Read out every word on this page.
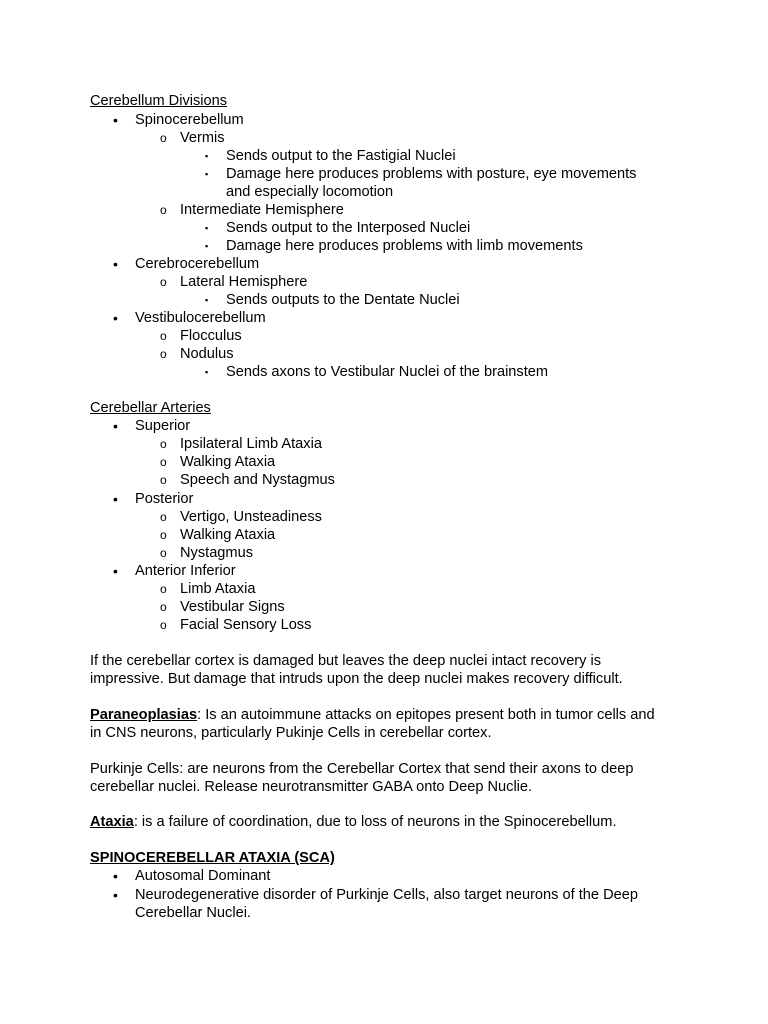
Cerebellum Divisions
• Spinocerebellum
o Vermis
▪ Sends output to the Fastigial Nuclei
▪ Damage here produces problems with posture, eye movements
and especially locomotion
o Intermediate Hemisphere
▪ Sends output to the Interposed Nuclei
▪ Damage here produces problems with limb movements
• Cerebrocerebellum
o Lateral Hemisphere
▪ Sends outputs to the Dentate Nuclei
• Vestibulocerebellum
o Flocculus
o Nodulus
▪ Sends axons to Vestibular Nuclei of the brainstem
Cerebellar Arteries
• Superior
o Ipsilateral Limb Ataxia
o Walking Ataxia
o Speech and Nystagmus
• Posterior
o Vertigo, Unsteadiness
o Walking Ataxia
o Nystagmus
• Anterior Inferior
o Limb Ataxia
o Vestibular Signs
o Facial Sensory Loss
If the cerebellar cortex is damaged but leaves the deep nuclei intact recovery is
impressive. But damage that intruds upon the deep nuclei makes recovery difficult.
Paraneoplasias: Is an autoimmune attacks on epitopes present both in tumor cells and
in CNS neurons, particularly Pukinje Cells in cerebellar cortex.
Purkinje Cells: are neurons from the Cerebellar Cortex that send their axons to deep
cerebellar nuclei. Release neurotransmitter GABA onto Deep Nuclie.
Ataxia: is a failure of coordination, due to loss of neurons in the Spinocerebellum.
SPINOCEREBELLAR ATAXIA (SCA)
• Autosomal Dominant
• Neurodegenerative disorder of Purkinje Cells, also target neurons of the Deep
Cerebellar Nuclei.
